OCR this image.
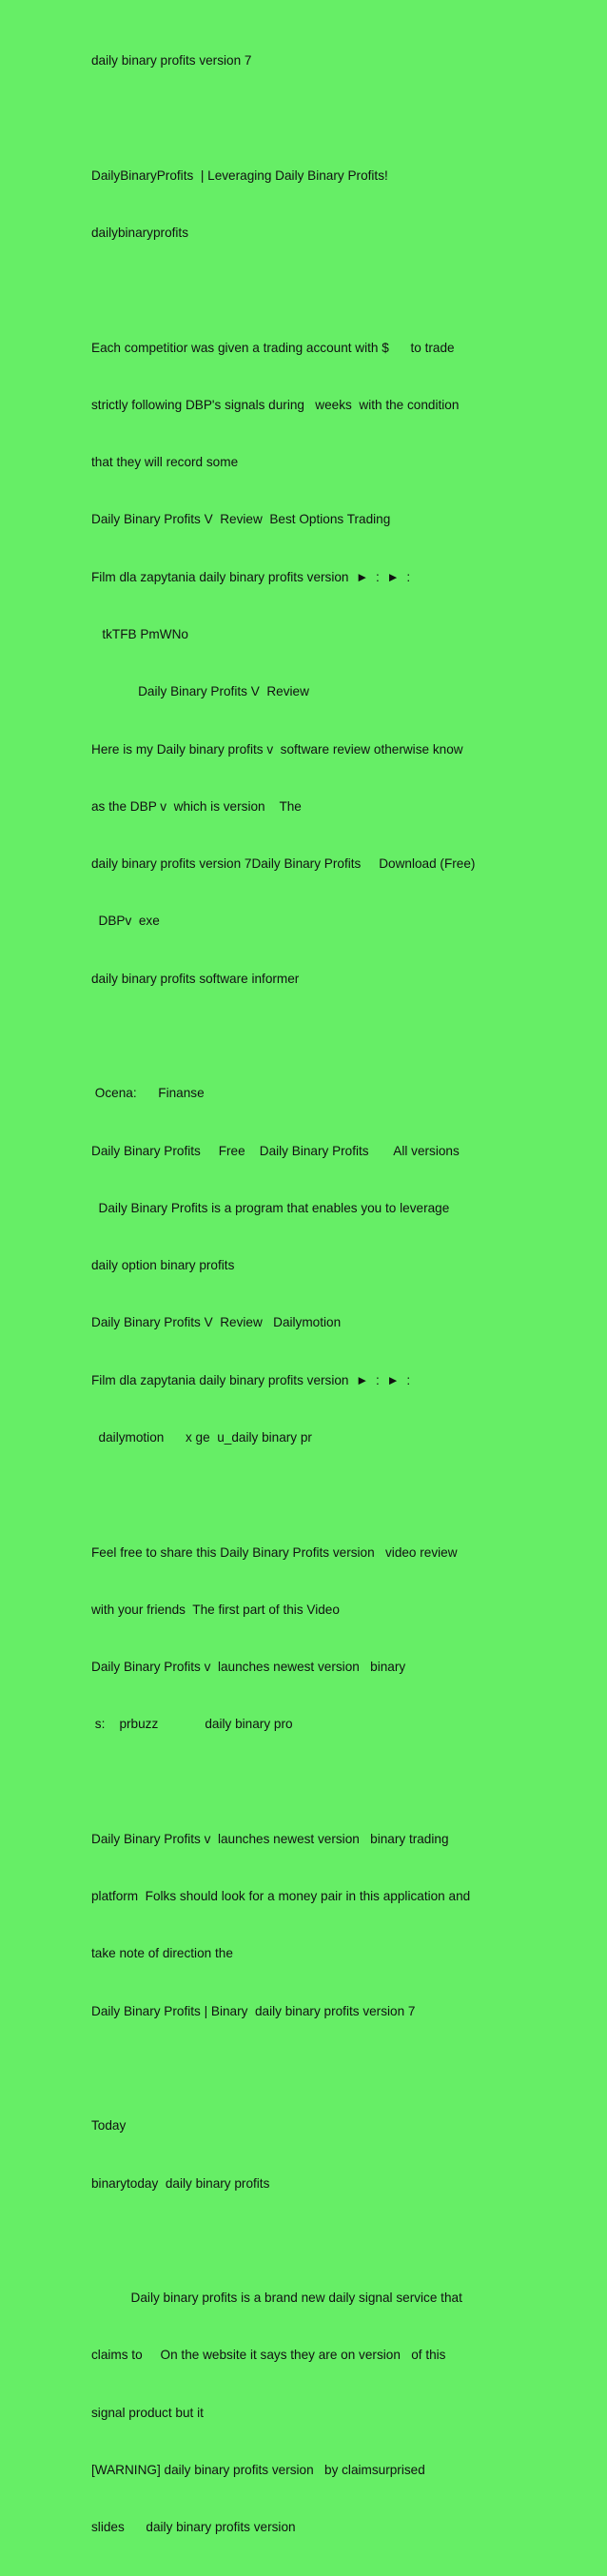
daily binary profits version 7

DailyBinaryProfits  | Leveraging Daily Binary Profits!

dailybinaryprofits

Each competitior was given a trading account with $      to trade

strictly following DBP's signals during   weeks  with the condition

that they will record some

Daily Binary Profits V  Review  Best Options Trading

Film dla zapytania daily binary profits version  ►  :  ►  :

tkTFB PmWNo

Daily Binary Profits V  Review

Here is my Daily binary profits v  software review otherwise know

as the DBP v  which is version    The

daily binary profits version 7Daily Binary Profits     Download (Free)

DBPv  exe

daily binary profits software informer

Ocena:      Finanse

Daily Binary Profits     Free    Daily Binary Profits       All versions

Daily Binary Profits is a program that enables you to leverage

daily option binary profits

Daily Binary Profits V  Review   Dailymotion

Film dla zapytania daily binary profits version  ►  :  ►  :

dailymotion      x ge  u_daily binary pr

Feel free to share this Daily Binary Profits version   video review

with your friends  The first part of this Video

Daily Binary Profits v  launches newest version   binary

s:    prbuzz             daily binary pro

Daily Binary Profits v  launches newest version   binary trading

platform  Folks should look for a money pair in this application and

take note of direction the

Daily Binary Profits | Binary  daily binary profits version 7

Today

binarytoday  daily binary profits

Daily binary profits is a brand new daily signal service that

claims to     On the website it says they are on version   of this

signal product but it

[WARNING] daily binary profits version   by claimsurprised

slides      daily binary profits version
